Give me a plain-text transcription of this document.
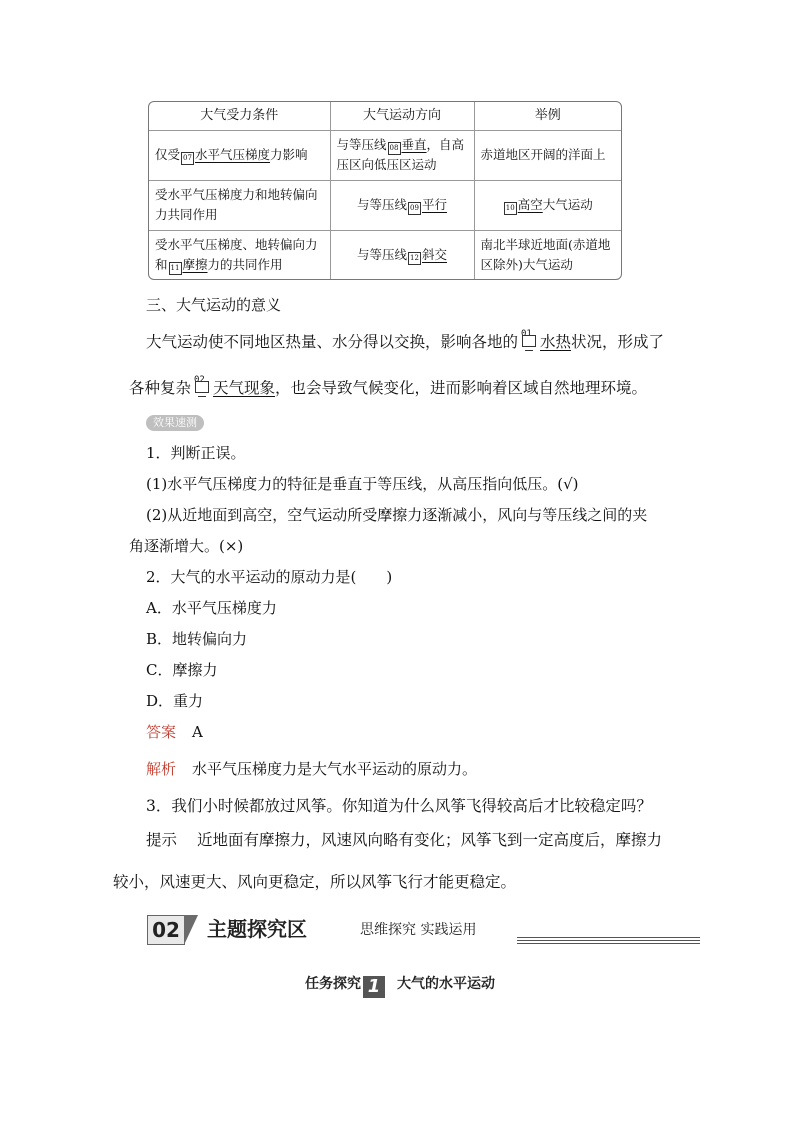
大气受力条件	大气运动方向	举例
仅受 07 水平气压梯度力影响	与等压线 08 垂直，自高压区向低压区运动	赤道地区开阔的洋面上
受水平气压梯度力和地转偏向力共同作用	与等压线 09 平行	10 高空大气运动
受水平气压梯度、地转偏向力和 11 摩擦力的共同作用	与等压线 12 斜交	南北半球近地面(赤道地区除外)大气运动
三、大气运动的意义
大气运动使不同地区热量、水分得以交换，影响各地的 01 水热状况，形成了
各种复杂 02 天气现象，也会导致气候变化，进而影响着区域自然地理环境。
效果速测
1．判断正误。
(1)水平气压梯度力的特征是垂直于等压线，从高压指向低压。(√)
(2)从近地面到高空，空气运动所受摩擦力逐渐减小，风向与等压线之间的夹
角逐渐增大。(×)
2．大气的水平运动的原动力是(　　)
A．水平气压梯度力
B．地转偏向力
C．摩擦力
D．重力
答案 A
解析 水平气压梯度力是大气水平运动的原动力。
3．我们小时候都放过风筝。你知道为什么风筝飞得较高后才比较稳定吗？
提示 近地面有摩擦力，风速风向略有变化；风筝飞到一定高度后，摩擦力
较小，风速更大、风向更稳定，所以风筝飞行才能更稳定。
02 主题探究区	思维探究 实践运用
任务探究 1 大气的水平运动
